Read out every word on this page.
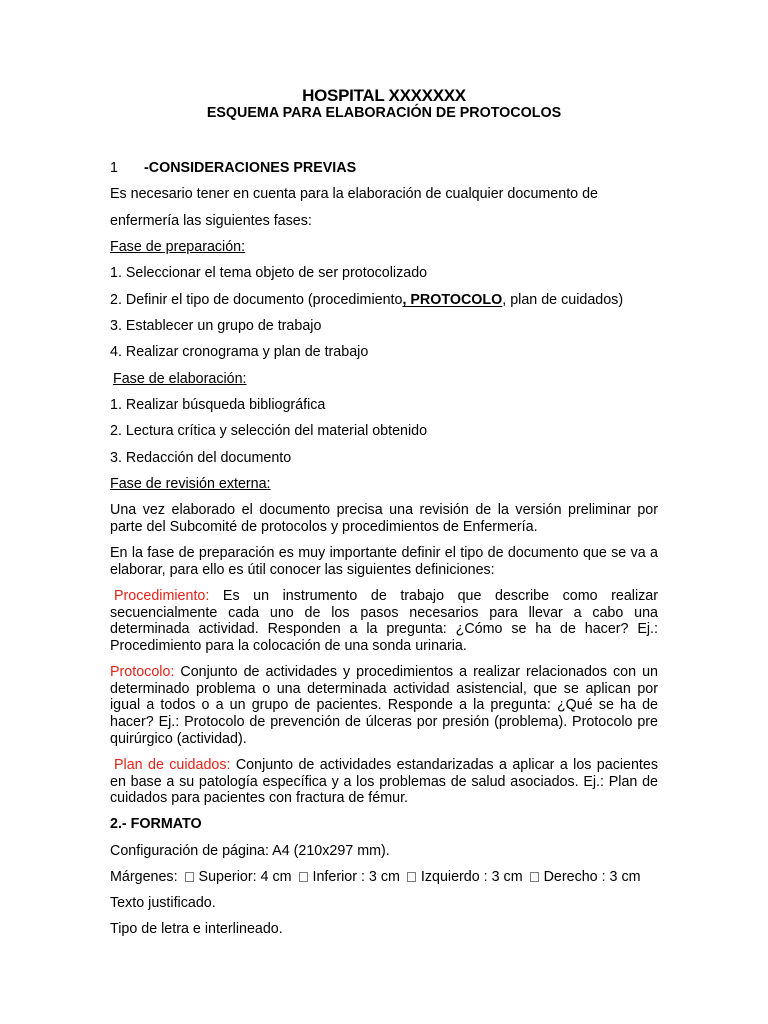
HOSPITAL XXXXXXX
ESQUEMA PARA ELABORACIÓN DE PROTOCOLOS
1 -CONSIDERACIONES PREVIAS
Es necesario tener en cuenta para la elaboración de cualquier documento de
enfermería las siguientes fases:
Fase de preparación:
1. Seleccionar el tema objeto de ser protocolizado
2. Definir el tipo de documento (procedimiento, PROTOCOLO, plan de cuidados)
3. Establecer un grupo de trabajo
4. Realizar cronograma y plan de trabajo
Fase de elaboración:
1. Realizar búsqueda bibliográfica
2. Lectura crítica y selección del material obtenido
3. Redacción del documento
Fase de revisión externa:
Una vez elaborado el documento precisa una revisión de la versión preliminar por parte del Subcomité de protocolos y procedimientos de Enfermería.
En la fase de preparación es muy importante definir el tipo de documento que se va a elaborar, para ello es útil conocer las siguientes definiciones:
Procedimiento: Es un instrumento de trabajo que describe como realizar secuencialmente cada uno de los pasos necesarios para llevar a cabo una determinada actividad. Responden a la pregunta: ¿Cómo se ha de hacer? Ej.: Procedimiento para la colocación de una sonda urinaria.
Protocolo: Conjunto de actividades y procedimientos a realizar relacionados con un determinado problema o una determinada actividad asistencial, que se aplican por igual a todos o a un grupo de pacientes. Responde a la pregunta: ¿Qué se ha de hacer? Ej.: Protocolo de prevención de úlceras por presión (problema). Protocolo pre quirúrgico (actividad).
Plan de cuidados: Conjunto de actividades estandarizadas a aplicar a los pacientes en base a su patología específica y a los problemas de salud asociados. Ej.: Plan de cuidados para pacientes con fractura de fémur.
2.- FORMATO
Configuración de página: A4 (210x297 mm).
Márgenes: Superior: 4 cm Inferior : 3 cm Izquierdo : 3 cm Derecho : 3 cm
Texto justificado.
Tipo de letra e interlineado.
